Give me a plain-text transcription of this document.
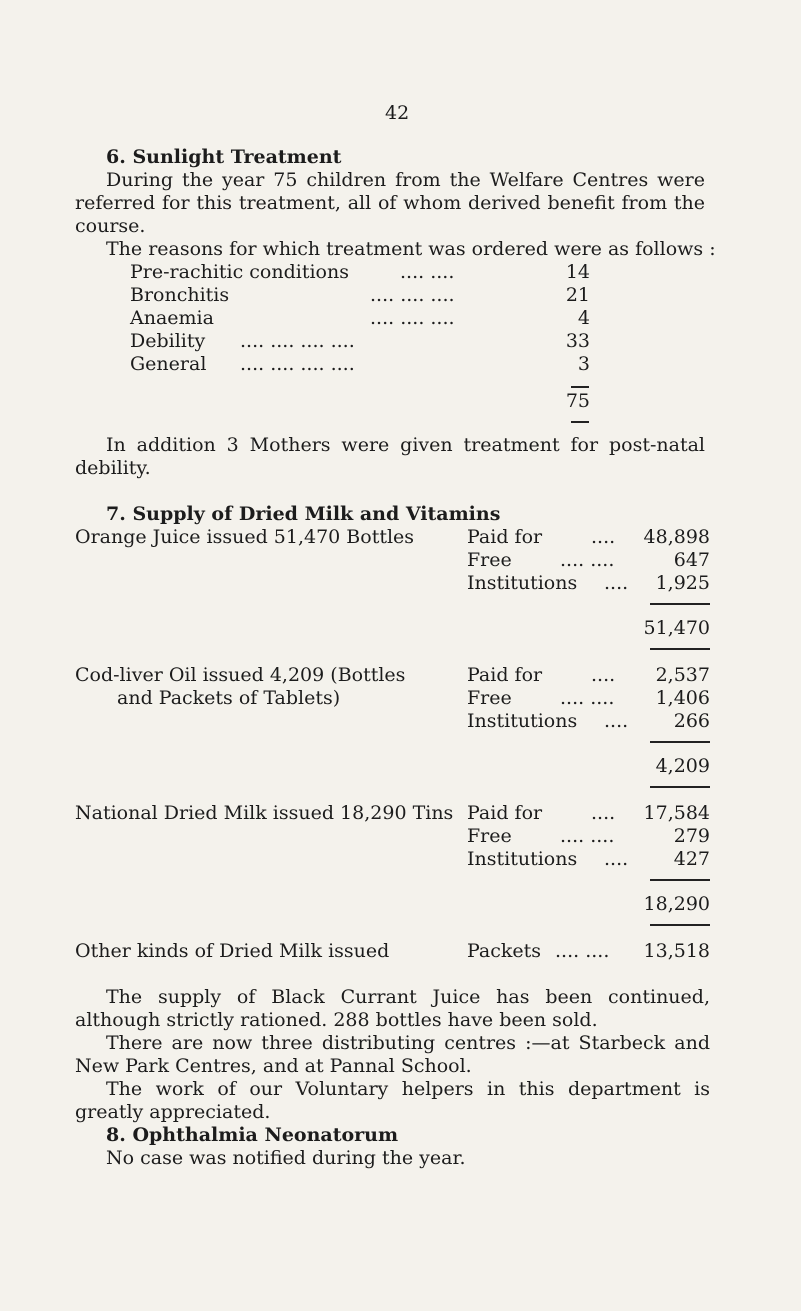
42
6. Sunlight Treatment
During the year 75 children from the Welfare Centres were referred for this treatment, all of whom derived benefit from the course.
The reasons for which treatment was ordered were as follows :
Pre-rachitic conditions	.... ....	14
Bronchitis	.... .... ....	21
Anaemia	.... .... ....	4
Debility .... .... .... ....	33
General .... .... .... ....	3
75
In addition 3 Mothers were given treatment for post-natal debility.
7. Supply of Dried Milk and Vitamins
Orange Juice issued 51,470 Bottles	Paid for	....	48,898
Free	.... ....	647
Institutions ....	1,925
51,470
Cod-liver Oil issued 4,209 (Bottles
and Packets of Tablets)
Paid for	....	2,537
Free	.... ....	1,406
Institutions ....	266
4,209
National Dried Milk issued 18,290 Tins Paid for	....	17,584
Free	.... ....	279
Institutions ....	427
18,290
Other kinds of Dried Milk issued	Packets .... ....	13,518
The supply of Black Currant Juice has been continued, although strictly rationed. 288 bottles have been sold.
There are now three distributing centres :—at Starbeck and New Park Centres, and at Pannal School.
The work of our Voluntary helpers in this department is greatly appreciated.
8. Ophthalmia Neonatorum
No case was notified during the year.
